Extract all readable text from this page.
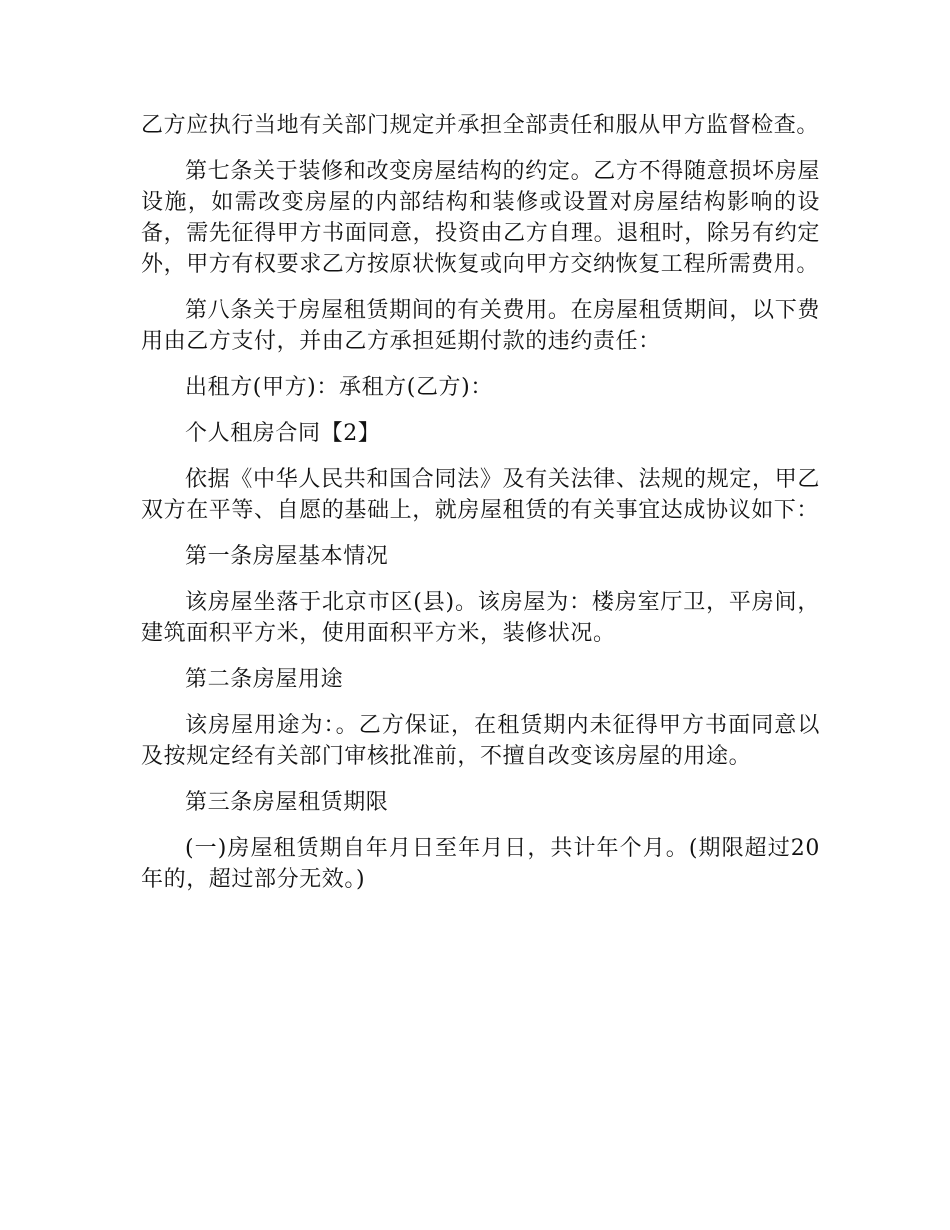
乙方应执行当地有关部门规定并承担全部责任和服从甲方监督检查。

第七条关于装修和改变房屋结构的约定。乙方不得随意损坏房屋设施，如需改变房屋的内部结构和装修或设置对房屋结构影响的设备，需先征得甲方书面同意，投资由乙方自理。退租时，除另有约定外，甲方有权要求乙方按原状恢复或向甲方交纳恢复工程所需费用。

第八条关于房屋租赁期间的有关费用。在房屋租赁期间，以下费用由乙方支付，并由乙方承担延期付款的违约责任：

出租方(甲方)：承租方(乙方)：

个人租房合同【2】

依据《中华人民共和国合同法》及有关法律、法规的规定，甲乙双方在平等、自愿的基础上，就房屋租赁的有关事宜达成协议如下：

第一条房屋基本情况

该房屋坐落于北京市区(县)。该房屋为：楼房室厅卫，平房间，建筑面积平方米，使用面积平方米，装修状况。

第二条房屋用途

该房屋用途为：。乙方保证，在租赁期内未征得甲方书面同意以及按规定经有关部门审核批准前，不擅自改变该房屋的用途。

第三条房屋租赁期限

(一)房屋租赁期自年月日至年月日，共计年个月。(期限超过20年的，超过部分无效。)
